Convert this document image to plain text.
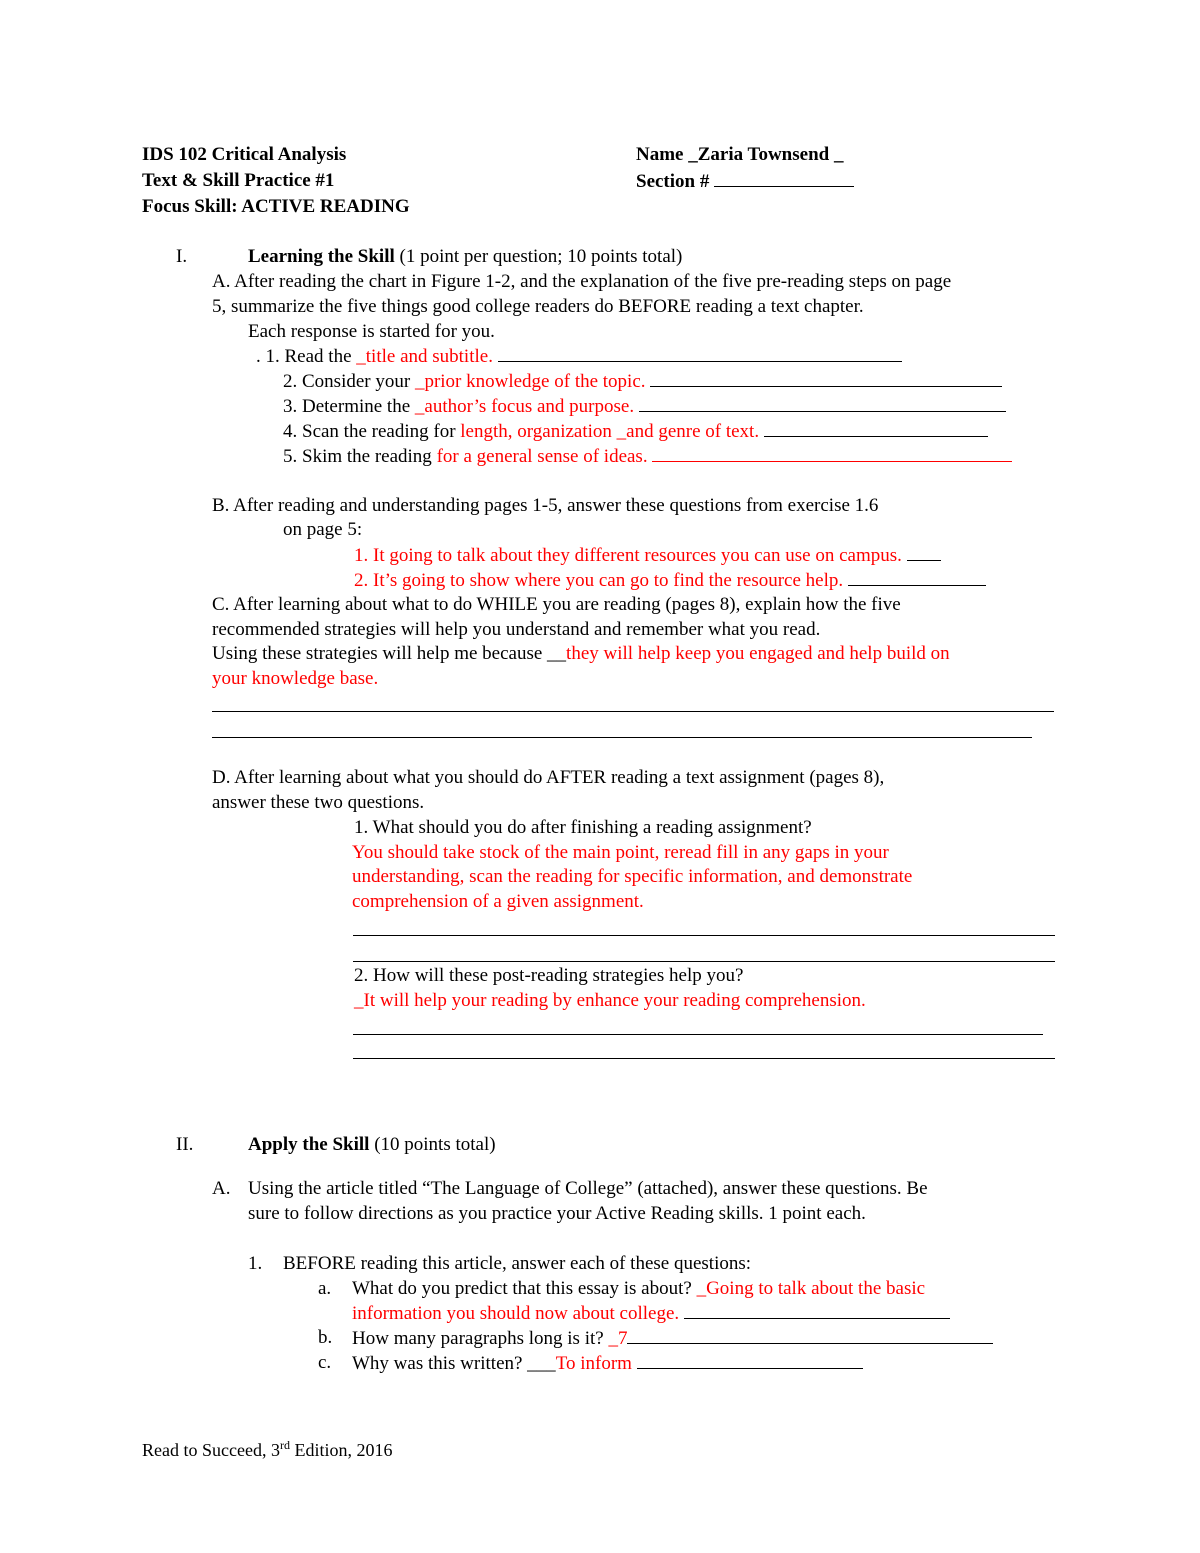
IDS 102 Critical Analysis
Text & Skill Practice #1
Focus Skill: ACTIVE READING
Name _Zaria Townsend _
Section #
I.	Learning the Skill (1 point per question; 10 points total)
A. After reading the chart in Figure 1-2, and the explanation of the five pre-reading steps on page
5, summarize the five things good college readers do BEFORE reading a text chapter.
Each response is started for you.
. 1. Read the _title and subtitle.
2. Consider your _prior knowledge of the topic.
3. Determine the _author’s focus and purpose.
4. Scan the reading for length, organization _and genre of text.
5. Skim the reading for a general sense of ideas.
B. After reading and understanding pages 1-5, answer these questions from exercise 1.6
on page 5:
1. It going to talk about they different resources you can use on campus.
2. It’s going to show where you can go to find the resource help.
C. After learning about what to do WHILE you are reading (pages 8), explain how the five
recommended strategies will help you understand and remember what you read.
Using these strategies will help me because __they will help keep you engaged and help build on
your knowledge base.
D. After learning about what you should do AFTER reading a text assignment (pages 8),
answer these two questions.
1. What should you do after finishing a reading assignment?
You should take stock of the main point, reread fill in any gaps in your
understanding, scan the reading for specific information, and demonstrate
comprehension of a given assignment.
2. How will these post-reading strategies help you?
_It will help your reading by enhance your reading comprehension.
II.	Apply the Skill (10 points total)
A. Using the article titled “The Language of College” (attached), answer these questions. Be
sure to follow directions as you practice your Active Reading skills. 1 point each.
1. BEFORE reading this article, answer each of these questions:
a. What do you predict that this essay is about? _Going to talk about the basic
information you should now about college.
b. How many paragraphs long is it? _7
c. Why was this written? ___To inform
Read to Succeed, 3rd Edition, 2016
